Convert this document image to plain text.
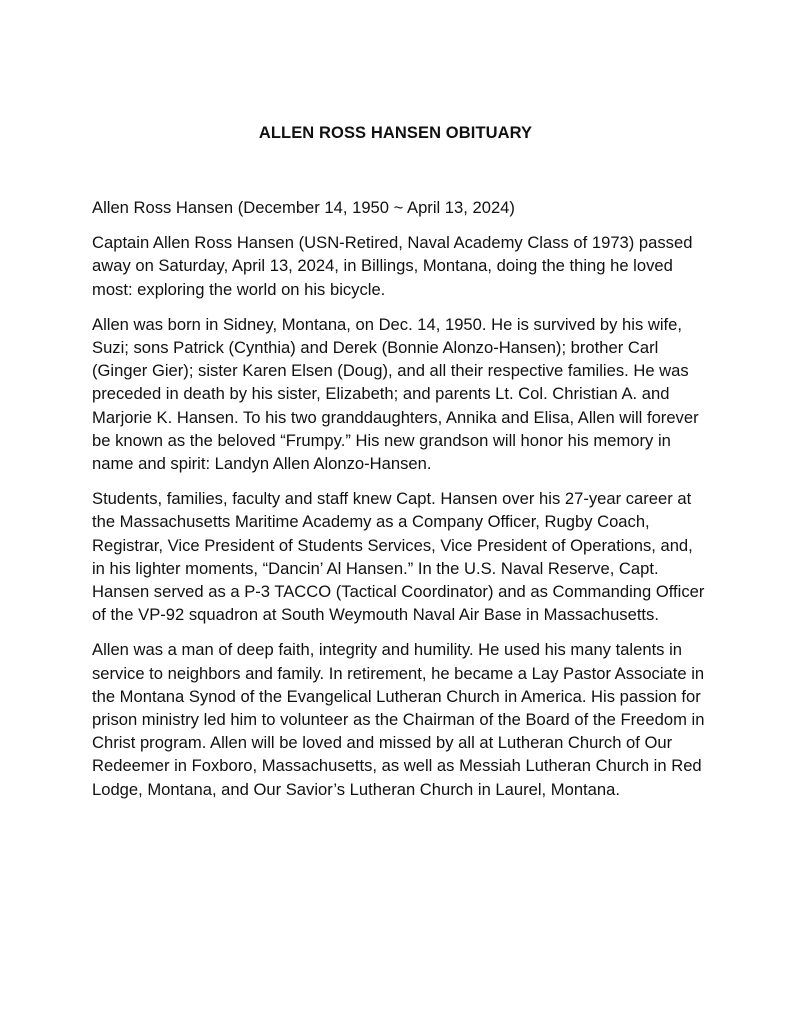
ALLEN ROSS HANSEN OBITUARY

Allen Ross Hansen (December 14, 1950 ~ April 13, 2024)

Captain Allen Ross Hansen (USN-Retired, Naval Academy Class of 1973) passed away on Saturday, April 13, 2024, in Billings, Montana, doing the thing he loved most: exploring the world on his bicycle.

Allen was born in Sidney, Montana, on Dec. 14, 1950. He is survived by his wife, Suzi; sons Patrick (Cynthia) and Derek (Bonnie Alonzo-Hansen); brother Carl (Ginger Gier); sister Karen Elsen (Doug), and all their respective families. He was preceded in death by his sister, Elizabeth; and parents Lt. Col. Christian A. and Marjorie K. Hansen. To his two granddaughters, Annika and Elisa, Allen will forever be known as the beloved “Frumpy.” His new grandson will honor his memory in name and spirit: Landyn Allen Alonzo-Hansen.

Students, families, faculty and staff knew Capt. Hansen over his 27-year career at the Massachusetts Maritime Academy as a Company Officer, Rugby Coach, Registrar, Vice President of Students Services, Vice President of Operations, and, in his lighter moments, “Dancin’ Al Hansen.” In the U.S. Naval Reserve, Capt. Hansen served as a P-3 TACCO (Tactical Coordinator) and as Commanding Officer of the VP-92 squadron at South Weymouth Naval Air Base in Massachusetts.

Allen was a man of deep faith, integrity and humility. He used his many talents in service to neighbors and family. In retirement, he became a Lay Pastor Associate in the Montana Synod of the Evangelical Lutheran Church in America. His passion for prison ministry led him to volunteer as the Chairman of the Board of the Freedom in Christ program. Allen will be loved and missed by all at Lutheran Church of Our Redeemer in Foxboro, Massachusetts, as well as Messiah Lutheran Church in Red Lodge, Montana, and Our Savior’s Lutheran Church in Laurel, Montana.
